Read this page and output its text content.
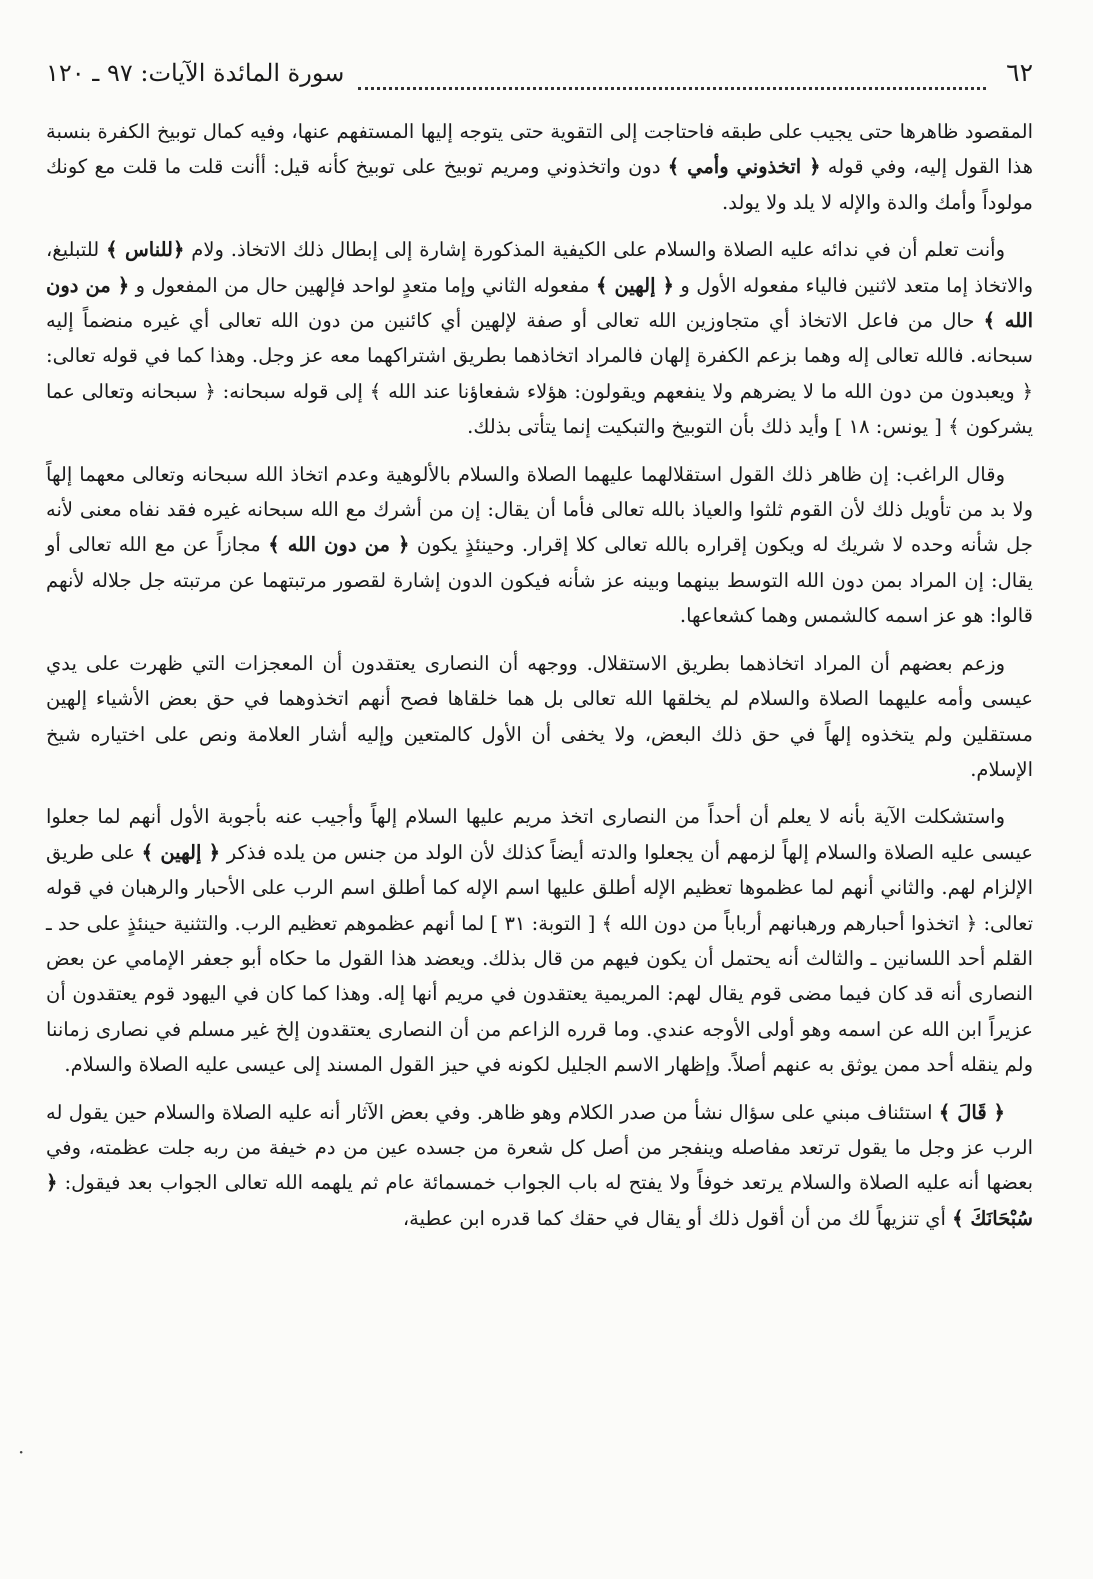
٦٢
سورة المائدة الآيات: ٩٧ ـ ١٢٠

المقصود ظاهرها حتى يجيب على طبقه فاحتاجت إلى التقوية حتى يتوجه إليها المستفهم عنها، وفيه كمال توبيخ الكفرة بنسبة هذا القول إليه، وفي قوله ﴿ اتخذوني وأمي ﴾ دون واتخذوني ومريم توبيخ على توبيخ كأنه قيل: أأنت قلت ما قلت مع كونك مولوداً وأمك والدة والإله لا يلد ولا يولد.

وأنت تعلم أن في ندائه عليه الصلاة والسلام على الكيفية المذكورة إشارة إلى إبطال ذلك الاتخاذ. ولام ﴿للناس ﴾ للتبليغ، والاتخاذ إما متعد لاثنين فالياء مفعوله الأول و ﴿ إلهين ﴾ مفعوله الثاني وإما متعدٍ لواحد فإلهين حال من المفعول و ﴿ من دون الله ﴾ حال من فاعل الاتخاذ أي متجاوزين الله تعالى أو صفة لإلهين أي كائنين من دون الله تعالى أي غيره منضماً إليه سبحانه. فالله تعالى إله وهما بزعم الكفرة إلهان فالمراد اتخاذهما بطريق اشتراكهما معه عز وجل. وهذا كما في قوله تعالى: ﴿ ويعبدون من دون الله ما لا يضرهم ولا ينفعهم ويقولون: هؤلاء شفعاؤنا عند الله ﴾ إلى قوله سبحانه: ﴿ سبحانه وتعالى عما يشركون ﴾ [ يونس: ١٨ ] وأيد ذلك بأن التوبيخ والتبكيت إنما يتأتى بذلك.

وقال الراغب: إن ظاهر ذلك القول استقلالهما عليهما الصلاة والسلام بالألوهية وعدم اتخاذ الله سبحانه وتعالى معهما إلهاً ولا بد من تأويل ذلك لأن القوم ثلثوا والعياذ بالله تعالى فأما أن يقال: إن من أشرك مع الله سبحانه غيره فقد نفاه معنى لأنه جل شأنه وحده لا شريك له ويكون إقراره بالله تعالى كلا إقرار. وحينئذٍ يكون ﴿ من دون الله ﴾ مجازاً عن مع الله تعالى أو يقال: إن المراد بمن دون الله التوسط بينهما وبينه عز شأنه فيكون الدون إشارة لقصور مرتبتهما عن مرتبته جل جلاله لأنهم قالوا: هو عز اسمه كالشمس وهما كشعاعها.

وزعم بعضهم أن المراد اتخاذهما بطريق الاستقلال. ووجهه أن النصارى يعتقدون أن المعجزات التي ظهرت على يدي عيسى وأمه عليهما الصلاة والسلام لم يخلقها الله تعالى بل هما خلقاها فصح أنهم اتخذوهما في حق بعض الأشياء إلهين مستقلين ولم يتخذوه إلهاً في حق ذلك البعض، ولا يخفى أن الأول كالمتعين وإليه أشار العلامة ونص على اختياره شيخ الإسلام.

واستشكلت الآية بأنه لا يعلم أن أحداً من النصارى اتخذ مريم عليها السلام إلهاً وأجيب عنه بأجوبة الأول أنهم لما جعلوا عيسى عليه الصلاة والسلام إلهاً لزمهم أن يجعلوا والدته أيضاً كذلك لأن الولد من جنس من يلده فذكر ﴿ إلهين ﴾ على طريق الإلزام لهم. والثاني أنهم لما عظموها تعظيم الإله أطلق عليها اسم الإله كما أطلق اسم الرب على الأحبار والرهبان في قوله تعالى: ﴿ اتخذوا أحبارهم ورهبانهم أرباباً من دون الله ﴾ [ التوبة: ٣١ ] لما أنهم عظموهم تعظيم الرب. والتثنية حينئذٍ على حد ـ القلم أحد اللسانين ـ والثالث أنه يحتمل أن يكون فيهم من قال بذلك. ويعضد هذا القول ما حكاه أبو جعفر الإمامي عن بعض النصارى أنه قد كان فيما مضى قوم يقال لهم: المريمية يعتقدون في مريم أنها إله. وهذا كما كان في اليهود قوم يعتقدون أن عزيراً ابن الله عن اسمه وهو أولى الأوجه عندي. وما قرره الزاعم من أن النصارى يعتقدون إلخ غير مسلم في نصارى زماننا ولم ينقله أحد ممن يوثق به عنهم أصلاً. وإظهار الاسم الجليل لكونه في حيز القول المسند إلى عيسى عليه الصلاة والسلام.

﴿ قَالَ ﴾ استئناف مبني على سؤال نشأ من صدر الكلام وهو ظاهر. وفي بعض الآثار أنه عليه الصلاة والسلام حين يقول له الرب عز وجل ما يقول ترتعد مفاصله وينفجر من أصل كل شعرة من جسده عين من دم خيفة من ربه جلت عظمته، وفي بعضها أنه عليه الصلاة والسلام يرتعد خوفاً ولا يفتح له باب الجواب خمسمائة عام ثم يلهمه الله تعالى الجواب بعد فيقول: ﴿ سُبْحَانَكَ ﴾ أي تنزيهاً لك من أن أقول ذلك أو يقال في حقك كما قدره ابن عطية،

·
